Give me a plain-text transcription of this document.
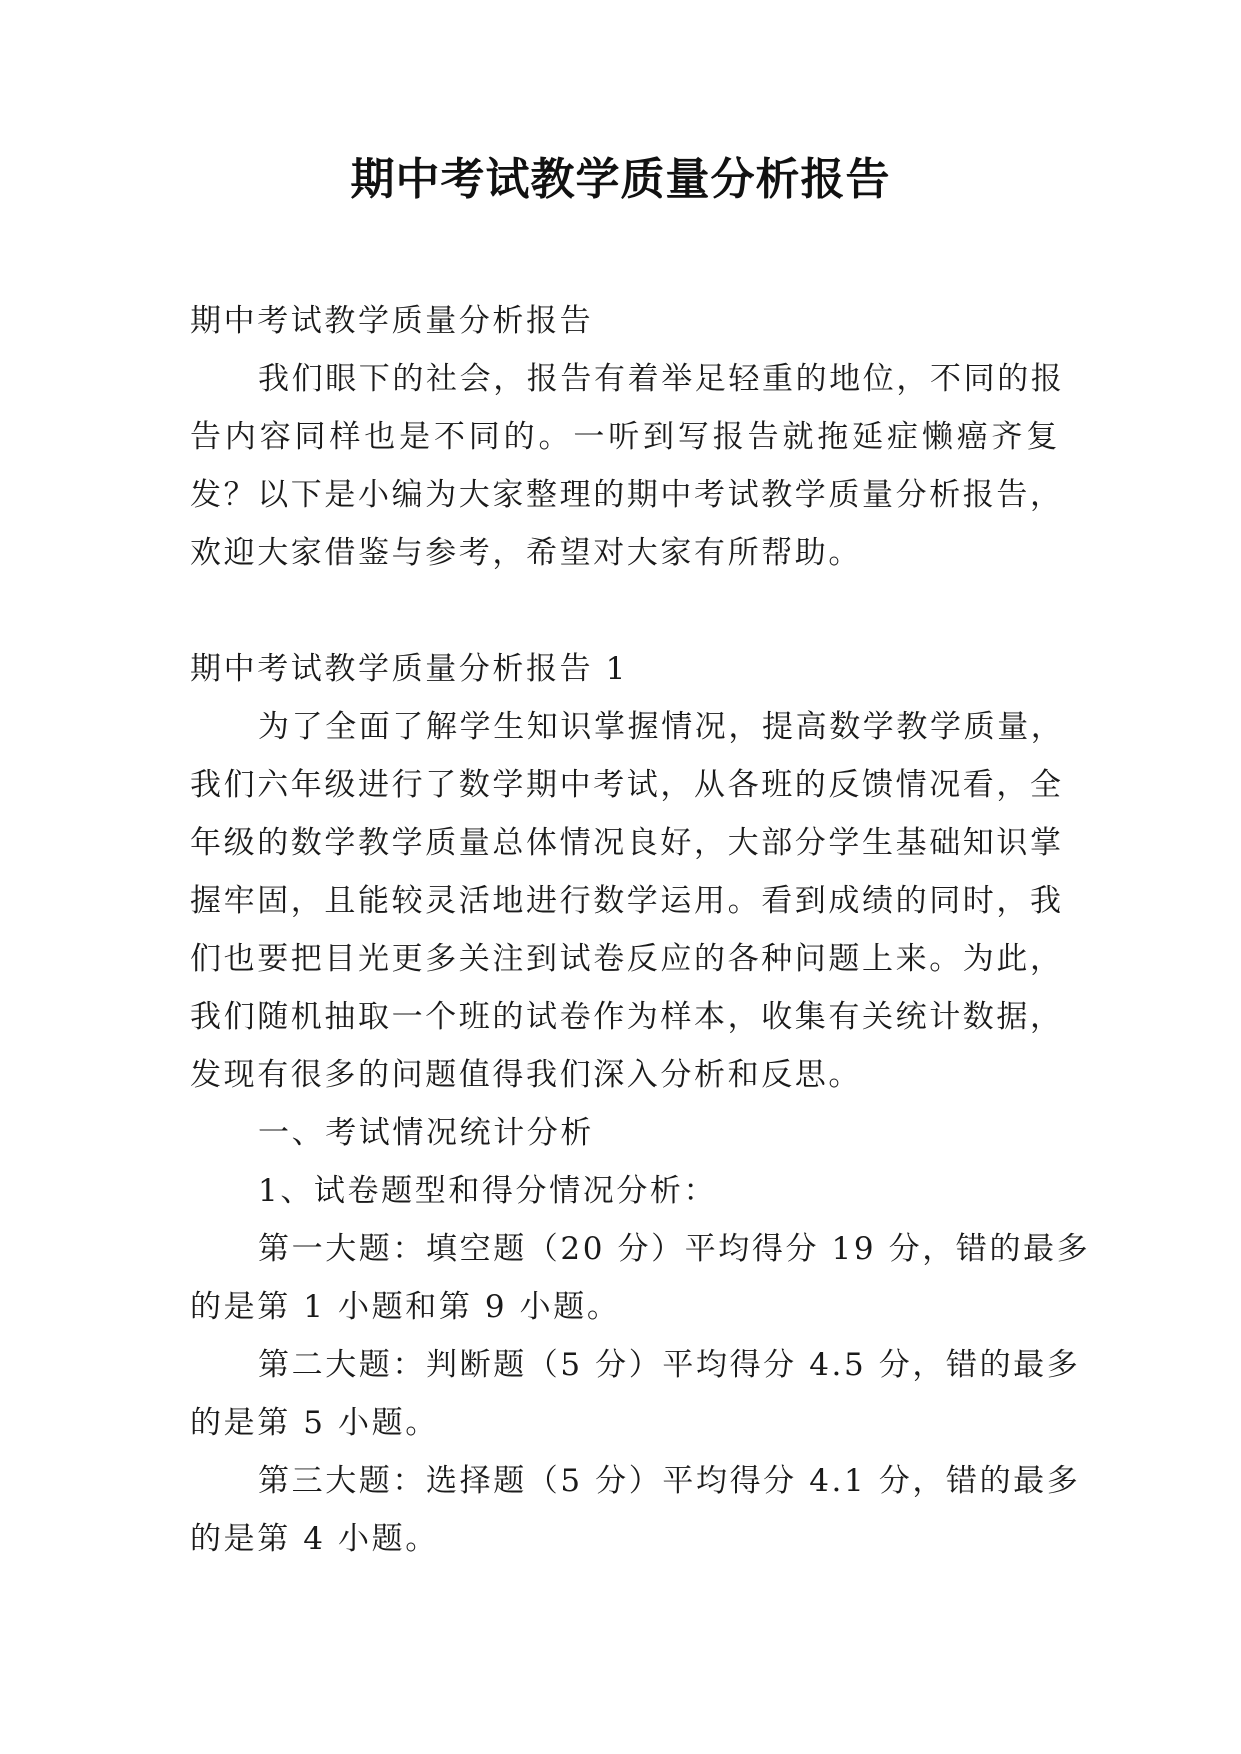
期中考试教学质量分析报告
期中考试教学质量分析报告
我们眼下的社会，报告有着举足轻重的地位，不同的报
告内容同样也是不同的。一听到写报告就拖延症懒癌齐复
发？以下是小编为大家整理的期中考试教学质量分析报告，
欢迎大家借鉴与参考，希望对大家有所帮助。
期中考试教学质量分析报告 1
为了全面了解学生知识掌握情况，提高数学教学质量，
我们六年级进行了数学期中考试，从各班的反馈情况看，全
年级的数学教学质量总体情况良好，大部分学生基础知识掌
握牢固，且能较灵活地进行数学运用。看到成绩的同时，我
们也要把目光更多关注到试卷反应的各种问题上来。为此，
我们随机抽取一个班的试卷作为样本，收集有关统计数据，
发现有很多的问题值得我们深入分析和反思。
一、考试情况统计分析
1、试卷题型和得分情况分析：
第一大题：填空题（20 分）平均得分 19 分，错的最多
的是第 1 小题和第 9 小题。
第二大题：判断题（5 分）平均得分 4.5 分，错的最多
的是第 5 小题。
第三大题：选择题（5 分）平均得分 4.1 分，错的最多
的是第 4 小题。
